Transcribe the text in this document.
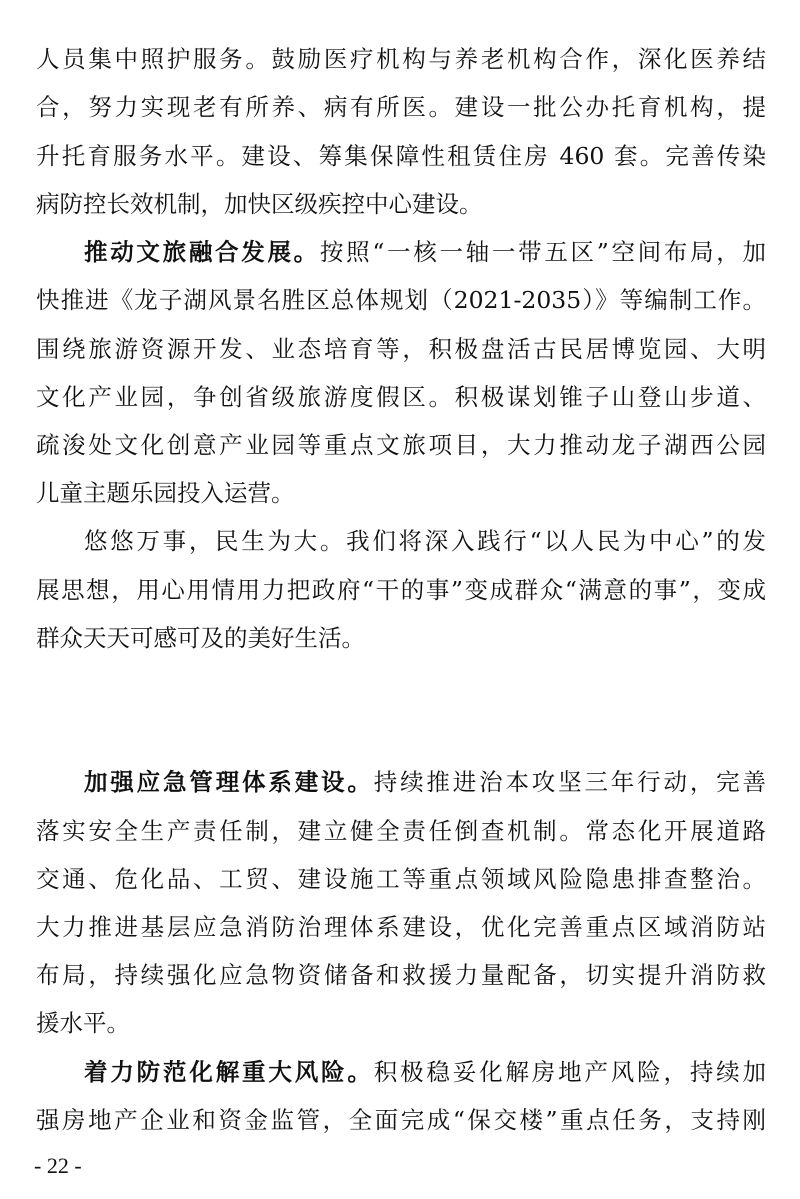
人员集中照护服务。鼓励医疗机构与养老机构合作，深化医养结
合，努力实现老有所养、病有所医。建设一批公办托育机构，提
升托育服务水平。建设、筹集保障性租赁住房 460 套。完善传染
病防控长效机制，加快区级疾控中心建设。
推动文旅融合发展。按照“一核一轴一带五区”空间布局，加
快推进《龙子湖风景名胜区总体规划（2021-2035）》等编制工作。
围绕旅游资源开发、业态培育等，积极盘活古民居博览园、大明
文化产业园，争创省级旅游度假区。积极谋划锥子山登山步道、
疏浚处文化创意产业园等重点文旅项目，大力推动龙子湖西公园
儿童主题乐园投入运营。
悠悠万事，民生为大。我们将深入践行“以人民为中心”的发
展思想，用心用情用力把政府“干的事”变成群众“满意的事”，变成
群众天天可感可及的美好生活。
加强应急管理体系建设。持续推进治本攻坚三年行动，完善
落实安全生产责任制，建立健全责任倒查机制。常态化开展道路
交通、危化品、工贸、建设施工等重点领域风险隐患排查整治。
大力推进基层应急消防治理体系建设，优化完善重点区域消防站
布局，持续强化应急物资储备和救援力量配备，切实提升消防救
援水平。
着力防范化解重大风险。积极稳妥化解房地产风险，持续加
强房地产企业和资金监管，全面完成“保交楼”重点任务，支持刚
- 22 -
